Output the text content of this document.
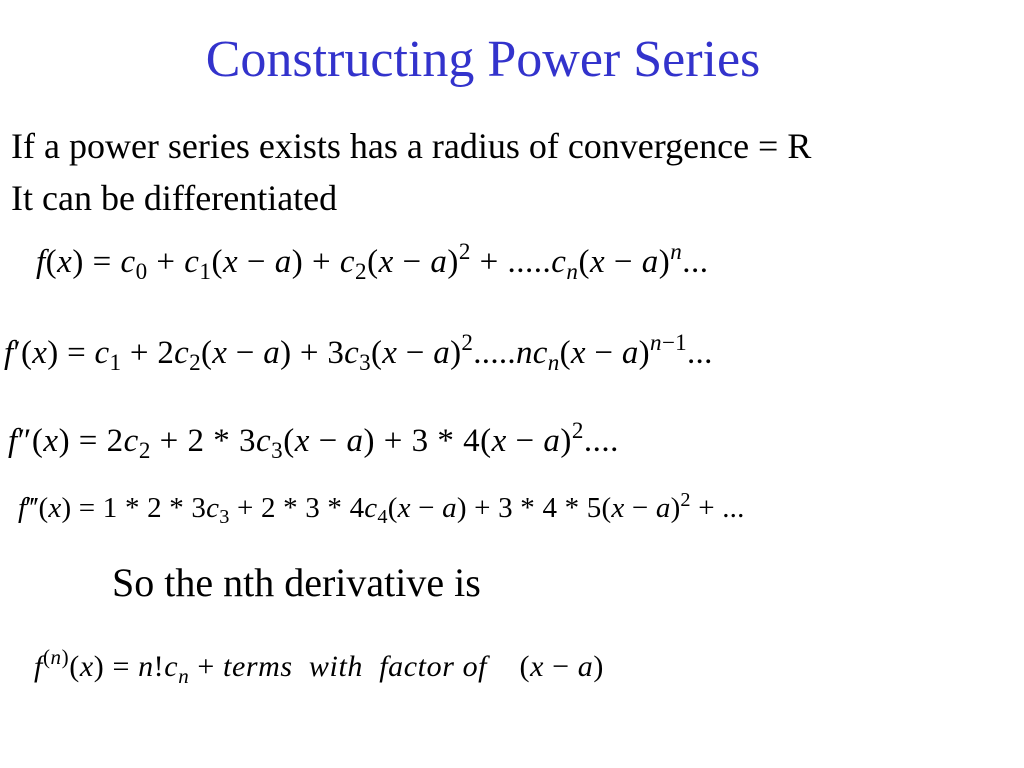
Constructing Power Series
If a power series exists has a radius of convergence = R
It can be differentiated
$f(x) = c_0 + c_1(x - a) + c_2(x - a)^2 + .....c_n(x - a)^n$...
$f'(x) = c_1 + 2c_2(x - a) + 3c_3(x - a)^2.....nc_n(x - a)^{n-1}$...
$f''(x) = 2c_2 + 2 * 3c_3(x - a) + 3 * 4(x - a)^2$....
f‴(x) = $1 * 2 * 3c_3 + 2 * 3 * 4c_4(x - a) + 3 * 4 * 5(x - a)^2$ + ...
So the nth derivative is
$f^{(n)}(x) = n!c_n$ + terms with factor of    (x − a)
